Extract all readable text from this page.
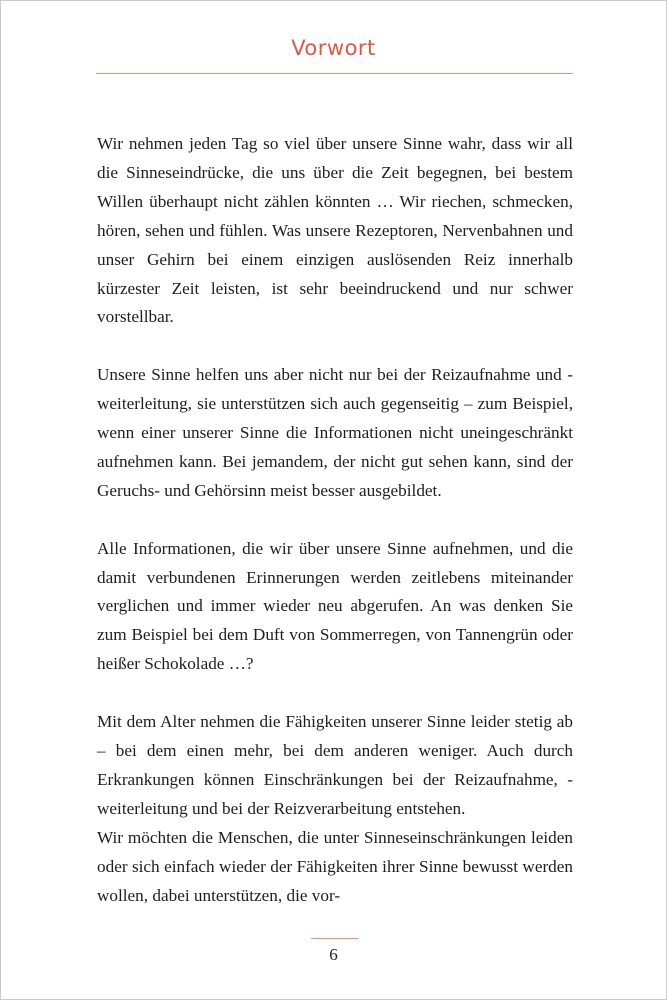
Vorwort

Wir nehmen jeden Tag so viel über unsere Sinne wahr, dass wir all die Sinneseindrücke, die uns über die Zeit begegnen, bei bestem Willen überhaupt nicht zählen könnten … Wir riechen, schmecken, hören, sehen und fühlen. Was unsere Rezeptoren, Nervenbahnen und unser Gehirn bei einem einzigen auslösenden Reiz innerhalb kürzester Zeit leisten, ist sehr beeindruckend und nur schwer vorstellbar.

Unsere Sinne helfen uns aber nicht nur bei der Reizaufnahme und -weiterleitung, sie unterstützen sich auch gegenseitig – zum Beispiel, wenn einer unserer Sinne die Informationen nicht uneingeschränkt aufnehmen kann. Bei jemandem, der nicht gut sehen kann, sind der Geruchs- und Gehörsinn meist besser ausgebildet.

Alle Informationen, die wir über unsere Sinne aufnehmen, und die damit verbundenen Erinnerungen werden zeitlebens miteinander verglichen und immer wieder neu abgerufen. An was denken Sie zum Beispiel bei dem Duft von Sommerregen, von Tannengrün oder heißer Schokolade …?

Mit dem Alter nehmen die Fähigkeiten unserer Sinne leider stetig ab – bei dem einen mehr, bei dem anderen weniger. Auch durch Erkrankungen können Einschränkungen bei der Reizaufnahme, -weiterleitung und bei der Reizverarbeitung entstehen.

Wir möchten die Menschen, die unter Sinneseinschränkungen leiden oder sich einfach wieder der Fähigkeiten ihrer Sinne bewusst werden wollen, dabei unterstützen, die vor-

6
